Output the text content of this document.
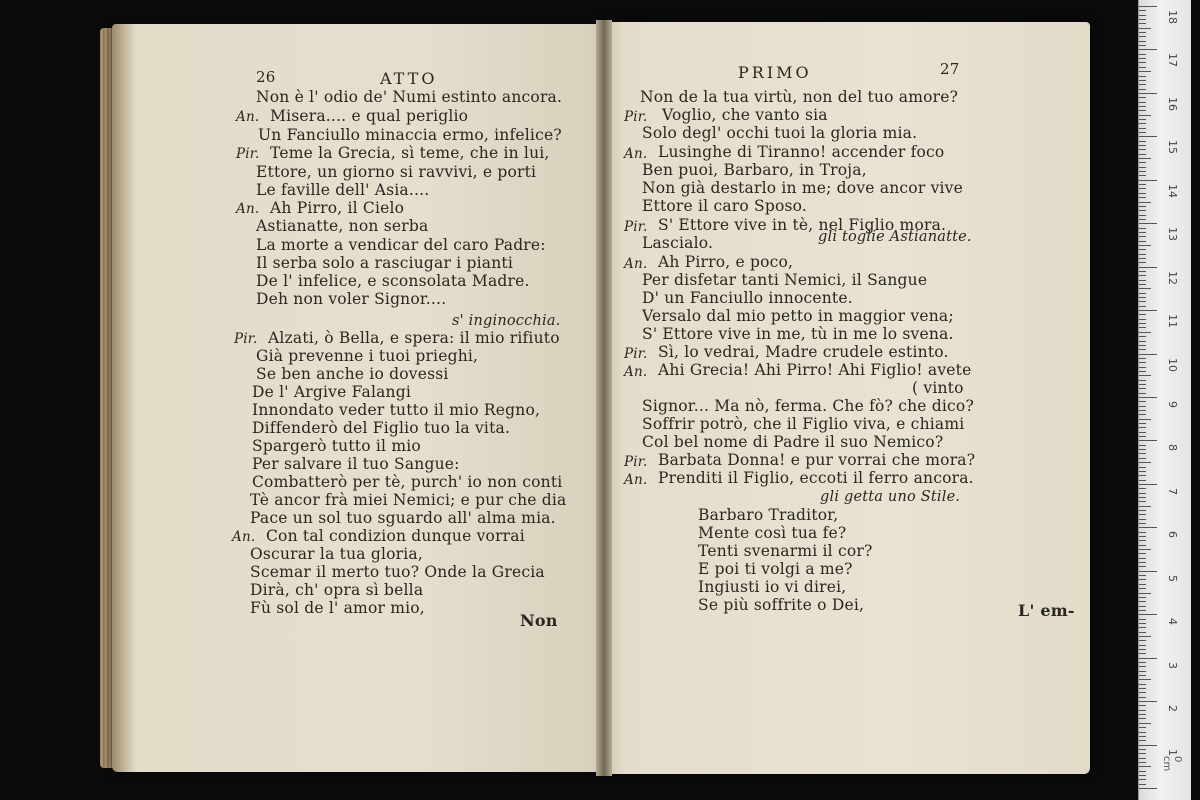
26	ATTO
Non è l' odio de' Numi estinto ancora.
An. Misera.... e qual periglio
Un Fanciullo minaccia ermo, infelice?
Pir. Teme la Grecia, sì teme, che in lui,
Ettore, un giorno si ravvivi, e porti
Le faville dell' Asia....
An. Ah Pirro, il Cielo
Astianatte, non serba
La morte a vendicar del caro Padre:
Il serba solo a rasciugar i pianti
De l' infelice, e sconsolata Madre.
Deh non voler Signor....
s' inginocchia.
Pir. Alzati, ò Bella, e spera: il mio rifiuto
Già prevenne i tuoi prieghi,
Se ben anche io dovessi
De l' Argive Falangi
Innondato veder tutto il mio Regno,
Diffenderò del Figlio tuo la vita.
Spargerò tutto il mio
Per salvare il tuo Sangue:
Combatterò per tè, purch' io non conti
Tè ancor frà miei Nemici; e pur che dia
Pace un sol tuo sguardo all' alma mia.
An. Con tal condizion dunque vorrai
Oscurar la tua gloria,
Scemar il merto tuo? Onde la Grecia
Dirà, ch' opra sì bella
Fù sol de l' amor mio,
Non
PRIMO	27
Non de la tua virtù, non del tuo amore?
Pir. Voglio, che vanto sia
Solo degl' occhi tuoi la gloria mia.
An. Lusinghe di Tiranno! accender foco
Ben puoi, Barbaro, in Troja,
Non già destarlo in me; dove ancor vive
Ettore il caro Sposo.
Pir. S' Ettore vive in tè, nel Figlio mora.
Lascialo.	gli toglie Astianatte.
An. Ah Pirro, e poco,
Per disfetar tanti Nemici, il Sangue
D' un Fanciullo innocente.
Versalo dal mio petto in maggior vena;
S' Ettore vive in me, tù in me lo svena.
Pir. Sì, lo vedrai, Madre crudele estinto.
An. Ahi Grecia! Ahi Pirro! Ahi Figlio! avete
( vinto
Signor... Ma nò, ferma. Che fò? che dico?
Soffrir potrò, che il Figlio viva, e chiami
Col bel nome di Padre il suo Nemico?
Pir. Barbata Donna! e pur vorrai che mora?
An. Prenditi il Figlio, eccoti il ferro ancora.
gli getta uno Stile.
Barbaro Traditor,
Mente così tua fe?
Tenti svenarmi il cor?
E poi ti volgi a me?
Ingiusti io vi direi,
Se più soffrite o Dei,	L' em-
18
17
16
15
14
13
12
11
10
9
8
7
6
5
4
3
2
1
0 cm
